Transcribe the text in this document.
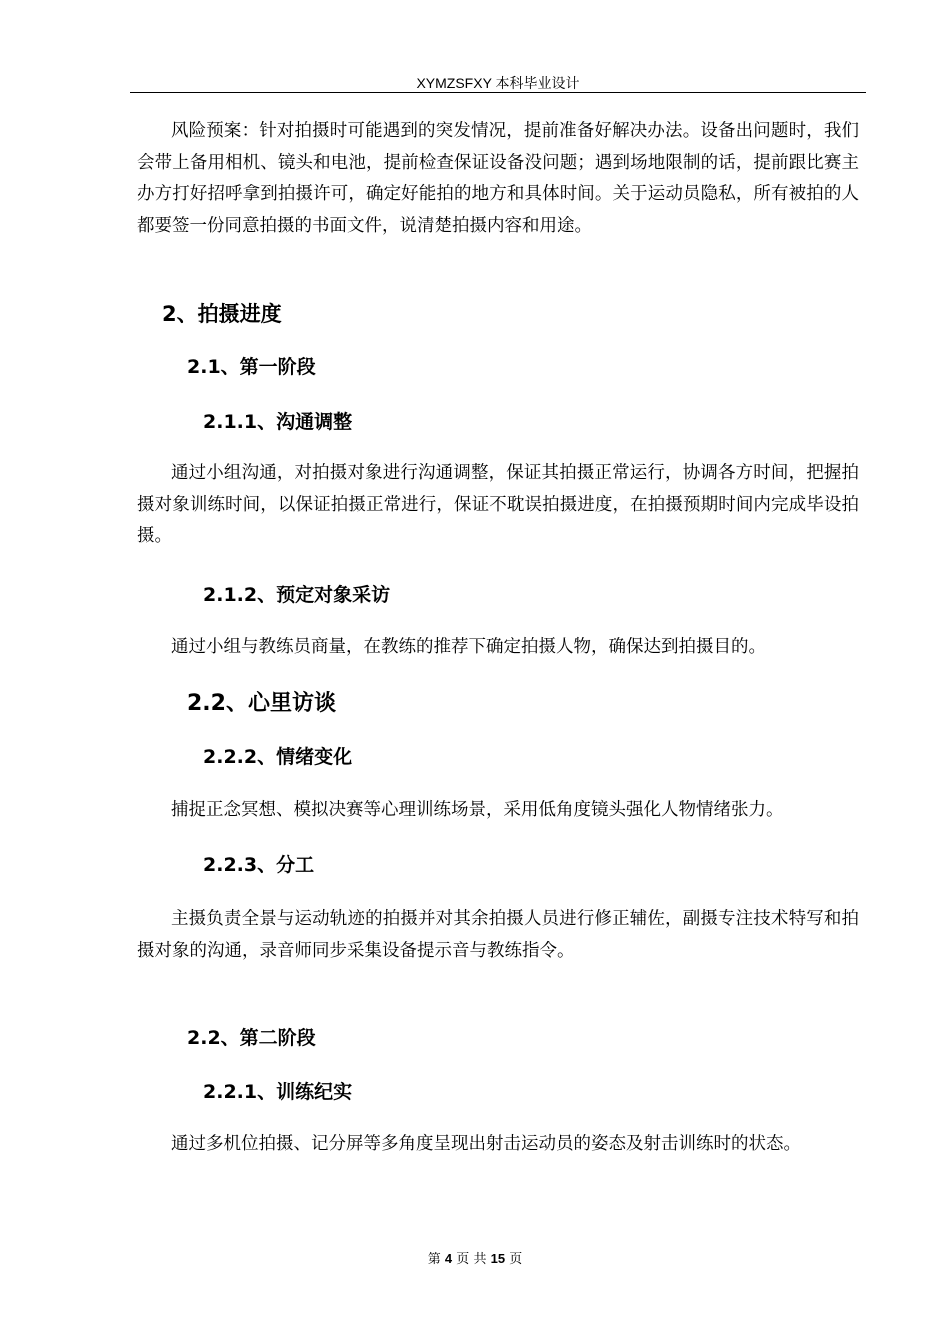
XYMZSFXY 本科毕业设计

风险预案：针对拍摄时可能遇到的突发情况，提前准备好解决办法。设备出问题时，我们会带上备用相机、镜头和电池，提前检查保证设备没问题；遇到场地限制的话，提前跟比赛主办方打好招呼拿到拍摄许可，确定好能拍的地方和具体时间。关于运动员隐私，所有被拍的人都要签一份同意拍摄的书面文件，说清楚拍摄内容和用途。

2、拍摄进度
2.1、第一阶段
2.1.1、沟通调整

通过小组沟通，对拍摄对象进行沟通调整，保证其拍摄正常运行，协调各方时间，把握拍摄对象训练时间，以保证拍摄正常进行，保证不耽误拍摄进度，在拍摄预期时间内完成毕设拍摄。

2.1.2、预定对象采访

通过小组与教练员商量，在教练的推荐下确定拍摄人物，确保达到拍摄目的。

2.2、心里访谈
2.2.2、情绪变化

捕捉正念冥想、模拟决赛等心理训练场景，采用低角度镜头强化人物情绪张力。

2.2.3、分工

主摄负责全景与运动轨迹的拍摄并对其余拍摄人员进行修正辅佐，副摄专注技术特写和拍摄对象的沟通，录音师同步采集设备提示音与教练指令。

2.2、第二阶段
2.2.1、训练纪实

通过多机位拍摄、记分屏等多角度呈现出射击运动员的姿态及射击训练时的状态。

第 4 页 共 15 页
